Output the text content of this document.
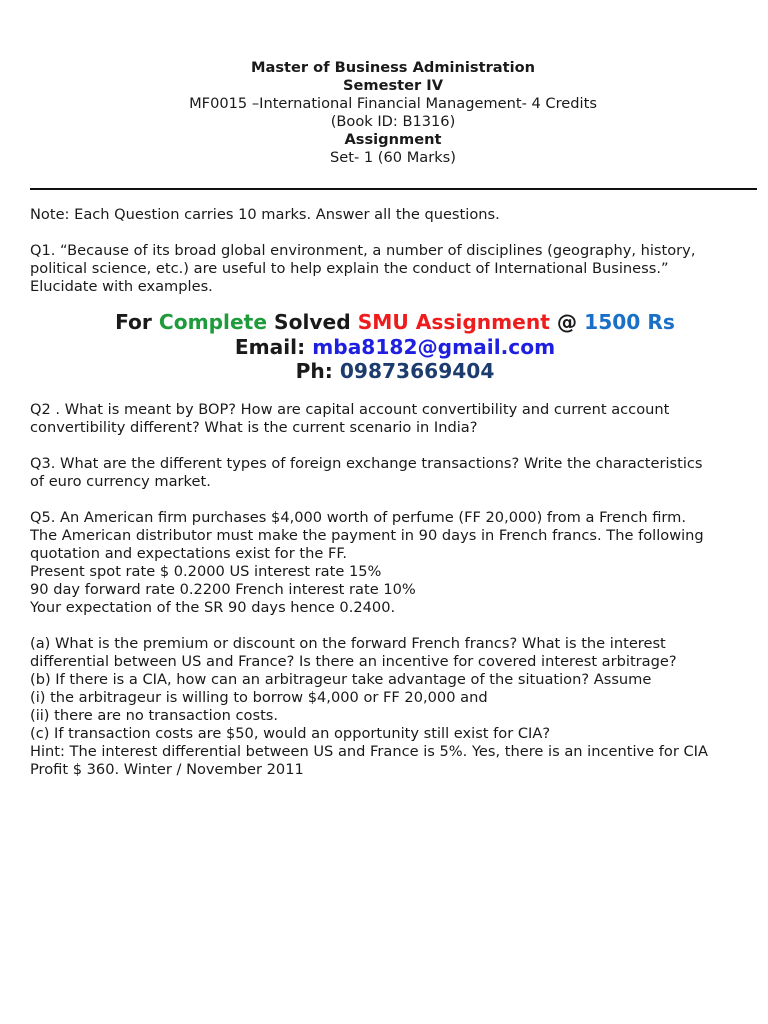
Master of Business Administration
Semester IV
MF0015 –International Financial Management- 4 Credits
(Book ID: B1316)
Assignment
Set- 1 (60 Marks)

Note: Each Question carries 10 marks. Answer all the questions.

Q1. “Because of its broad global environment, a number of disciplines (geography, history,
political science, etc.) are useful to help explain the conduct of International Business.”
Elucidate with examples.

For Complete Solved SMU Assignment @ 1500 Rs
Email: mba8182@gmail.com
Ph: 09873669404

Q2 . What is meant by BOP? How are capital account convertibility and current account
convertibility different? What is the current scenario in India?

Q3. What are the different types of foreign exchange transactions? Write the characteristics
of euro currency market.

Q5. An American firm purchases $4,000 worth of perfume (FF 20,000) from a French firm.
The American distributor must make the payment in 90 days in French francs. The following
quotation and expectations exist for the FF.
Present spot rate $ 0.2000 US interest rate 15%
90 day forward rate 0.2200 French interest rate 10%
Your expectation of the SR 90 days hence 0.2400.

(a) What is the premium or discount on the forward French francs? What is the interest
differential between US and France? Is there an incentive for covered interest arbitrage?
(b) If there is a CIA, how can an arbitrageur take advantage of the situation? Assume
(i) the arbitrageur is willing to borrow $4,000 or FF 20,000 and
(ii) there are no transaction costs.
(c) If transaction costs are $50, would an opportunity still exist for CIA?
Hint: The interest differential between US and France is 5%. Yes, there is an incentive for CIA
Profit $ 360. Winter / November 2011
